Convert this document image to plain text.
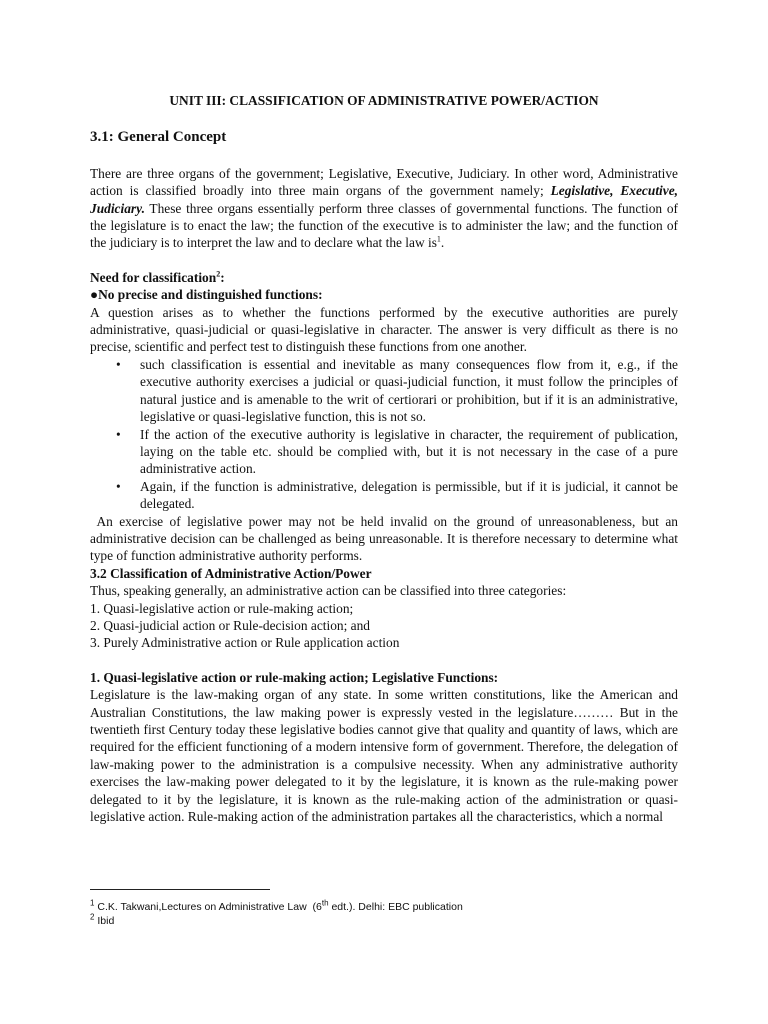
UNIT III: CLASSIFICATION OF ADMINISTRATIVE POWER/ACTION
3.1: General Concept

There are three organs of the government; Legislative, Executive, Judiciary. In other word, Administrative action is classified broadly into three main organs of the government namely; Legislative, Executive, Judiciary. These three organs essentially perform three classes of governmental functions. The function of the legislature is to enact the law; the function of the executive is to administer the law; and the function of the judiciary is to interpret the law and to declare what the law $is^1$.

Need for classification$^2$:

●No precise and distinguished functions:

A question arises as to whether the functions performed by the executive authorities are purely administrative, quasi-judicial or quasi-legislative in character. The answer is very difficult as there is no precise, scientific and perfect test to distinguish these functions from one another.

• such classification is essential and inevitable as many consequences flow from it, e.g., if the executive authority exercises a judicial or quasi-judicial function, it must follow the principles of natural justice and is amenable to the writ of certiorari or prohibition, but if it is an administrative, legislative or quasi-legislative function, this is not so.
• If the action of the executive authority is legislative in character, the requirement of publication, laying on the table etc. should be complied with, but it is not necessary in the case of a pure administrative action.
• Again, if the function is administrative, delegation is permissible, but if it is judicial, it cannot be delegated.

An exercise of legislative power may not be held invalid on the ground of unreasonableness, but an administrative decision can be challenged as being unreasonable. It is therefore necessary to determine what type of function administrative authority performs.

3.2 Classification of Administrative Action/Power

Thus, speaking generally, an administrative action can be classified into three categories:

1. Quasi-legislative action or rule-making action;

2. Quasi-judicial action or Rule-decision action; and

3. Purely Administrative action or Rule application action

1. Quasi-legislative action or rule-making action; Legislative Functions:

Legislature is the law-making organ of any state. In some written constitutions, like the American and Australian Constitutions, the law making power is expressly vested in the legislature……… But in the twentieth first Century today these legislative bodies cannot give that quality and quantity of laws, which are required for the efficient functioning of a modern intensive form of government. Therefore, the delegation of law-making power to the administration is a compulsive necessity. When any administrative authority exercises the law-making power delegated to it by the legislature, it is known as the rule-making power delegated to it by the legislature, it is known as the rule-making action of the administration or quasi-legislative action. Rule-making action of the administration partakes all the characteristics, which a normal

$^1$ C.K. Takwani,Lectures on Administrative Law  (6th edt.). Delhi: EBC publication
$^2$ Ibid
